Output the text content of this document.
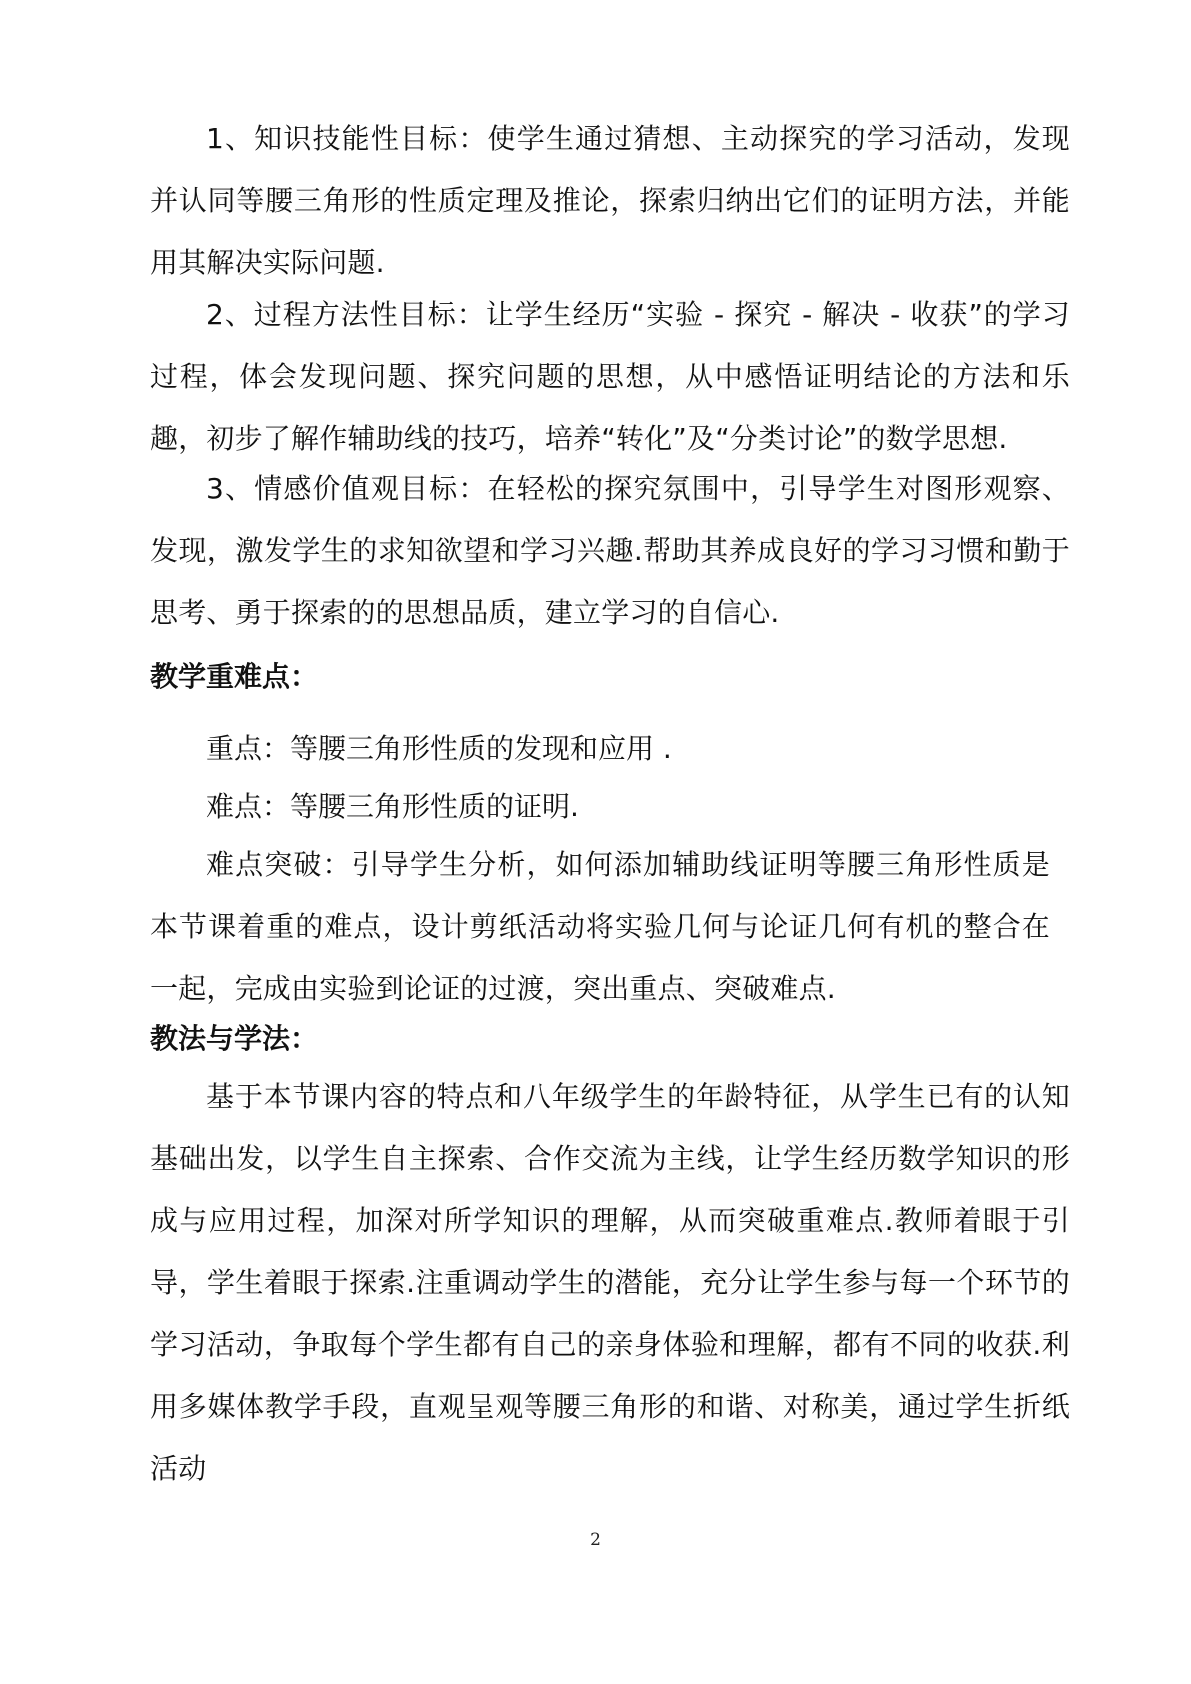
1、知识技能性目标：使学生通过猜想、主动探究的学习活动，发现并认同等腰三角形的性质定理及推论，探索归纳出它们的证明方法，并能用其解决实际问题.

2、过程方法性目标：让学生经历“实验 - 探究 - 解决 - 收获”的学习过程，体会发现问题、探究问题的思想，从中感悟证明结论的方法和乐趣，初步了解作辅助线的技巧，培养“转化”及“分类讨论”的数学思想.

3、情感价值观目标：在轻松的探究氛围中，引导学生对图形观察、发现，激发学生的求知欲望和学习兴趣.帮助其养成良好的学习习惯和勤于思考、勇于探索的的思想品质，建立学习的自信心.

教学重难点：

重点：等腰三角形性质的发现和应用 .

难点：等腰三角形性质的证明.

难点突破：引导学生分析，如何添加辅助线证明等腰三角形性质是本节课着重的难点，设计剪纸活动将实验几何与论证几何有机的整合在一起，完成由实验到论证的过渡，突出重点、突破难点.

教法与学法：

基于本节课内容的特点和八年级学生的年龄特征，从学生已有的认知基础出发，以学生自主探索、合作交流为主线，让学生经历数学知识的形成与应用过程，加深对所学知识的理解，从而突破重难点.教师着眼于引导，学生着眼于探索.注重调动学生的潜能，充分让学生参与每一个环节的学习活动，争取每个学生都有自己的亲身体验和理解，都有不同的收获.利用多媒体教学手段，直观呈观等腰三角形的和谐、对称美，通过学生折纸活动

2
